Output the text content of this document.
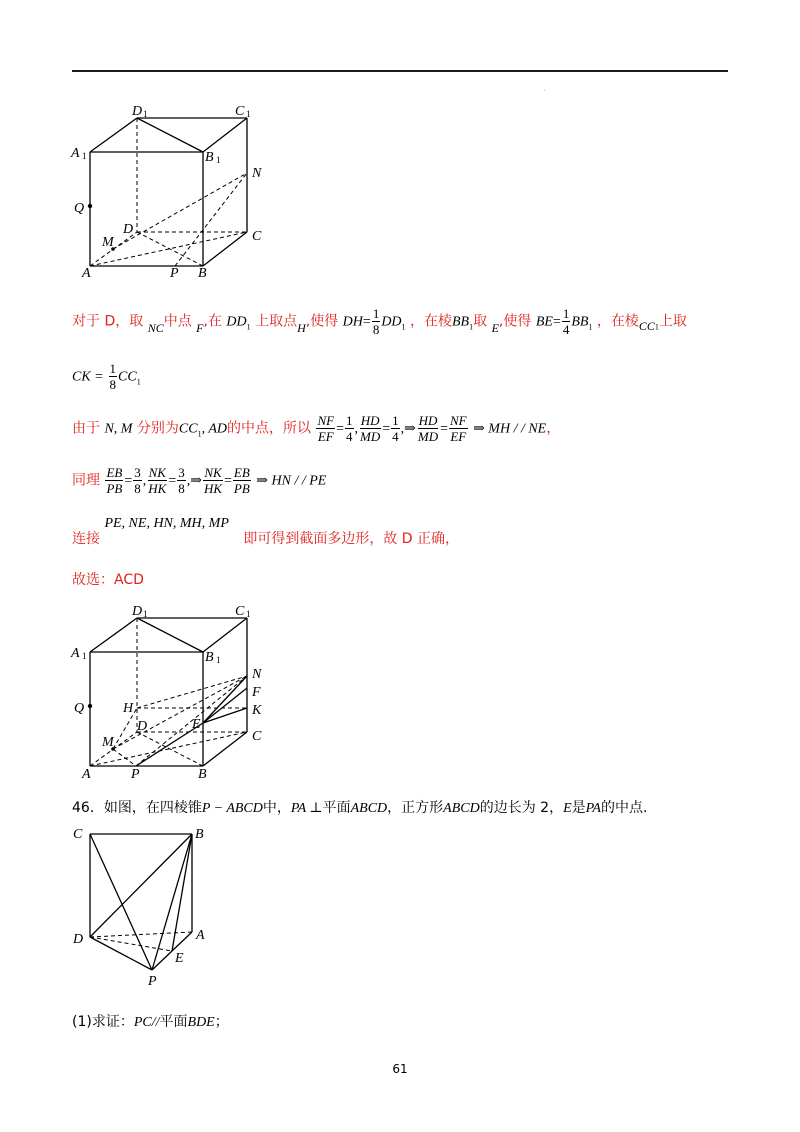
·
D 1	C 1
A 1	B 1
N
Q
D	C
M
A	P B
对于 D，取 NC中点 F,在 $DD_1$ 上取点H,使得 $DH= \frac{1}{8} DD_1$ ，在棱$BB_1$取 E,使得 $BE= \frac{1}{4} BB_1$ ，在棱$CC_1$上取
CK = $\frac{1}{8} CC_1$
由于 N, M 分别为$CC_1$, AD的中点，所以 $\frac{NF}{EF} = \frac{1}{4}$ , $\frac{HD}{MD} = \frac{1}{4}$ ,⇒ $\frac{HD}{MD} = \frac{NF}{EF}$ ⇒ MH / / NE，
同理 $\frac{EB}{PB} = \frac{3}{8}$ , $\frac{NK}{HK} = \frac{3}{8}$ ,⇒ $\frac{NK}{HK} = \frac{EB}{PB}$ ⇒ HN / / PE
连接 PE, NE, HN, MH, MP 即可得到截面多边形，故 D 正确，
故选：ACD
D 1	C 1
A 1	B 1
N
F
H
Q	K
D	E
C
M
A	P	B
46．如图，在四棱锥P − ABCD中，PA ⊥平面ABCD，正方形ABCD的边长为 2，E是PA的中点.
C	B
D	A
E
P
(1)求证：PC//平面BDE；
61
